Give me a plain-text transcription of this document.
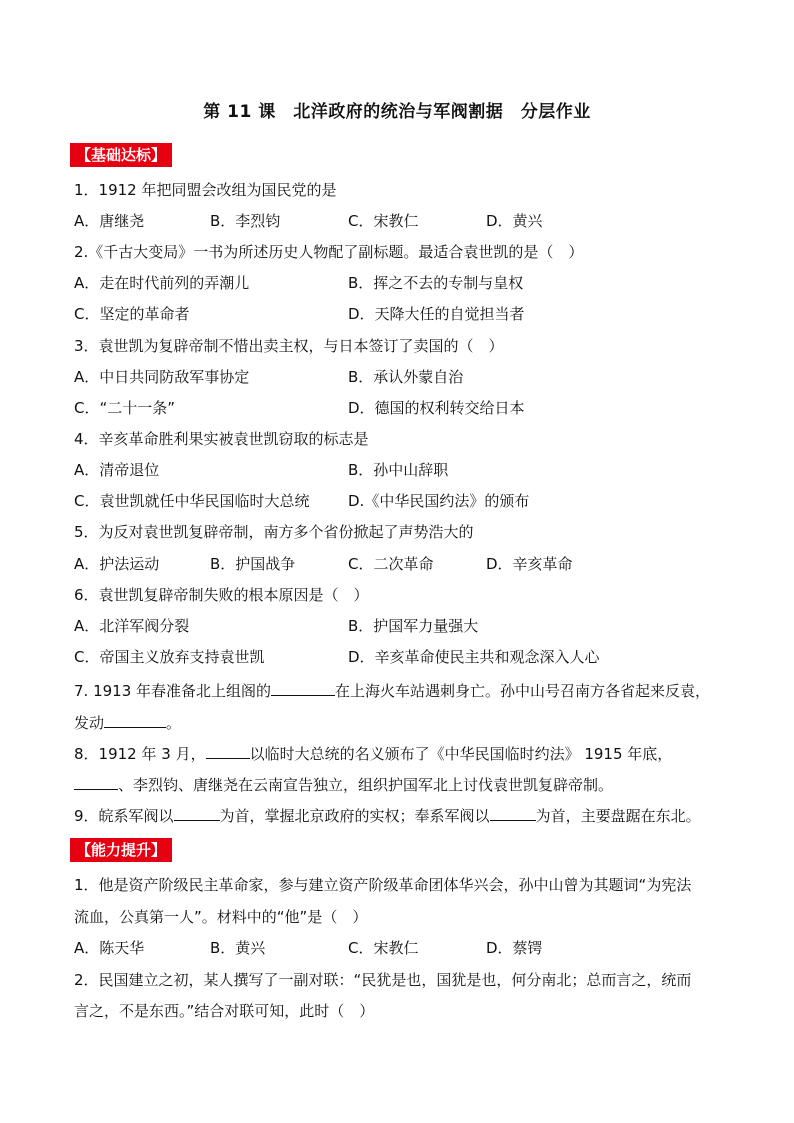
第 11 课　北洋政府的统治与军阀割据　分层作业
【基础达标】
1．1912 年把同盟会改组为国民党的是
A．唐继尧	B．李烈钧	C．宋教仁	D．黄兴
2.《千古大变局》一书为所述历史人物配了副标题。最适合袁世凯的是（　）
A．走在时代前列的弄潮儿	B．挥之不去的专制与皇权
C．坚定的革命者	D．天降大任的自觉担当者
3．袁世凯为复辟帝制不惜出卖主权，与日本签订了卖国的（　）
A．中日共同防敌军事协定	B．承认外蒙自治
C．“二十一条”	D．德国的权利转交给日本
4．辛亥革命胜利果实被袁世凯窃取的标志是
A．清帝退位	B．孙中山辞职
C．袁世凯就任中华民国临时大总统	D.《中华民国约法》的颁布
5．为反对袁世凯复辟帝制，南方多个省份掀起了声势浩大的
A．护法运动	B．护国战争	C．二次革命	D．辛亥革命
6．袁世凯复辟帝制失败的根本原因是（　）
A．北洋军阀分裂	B．护国军力量强大
C．帝国主义放弃支持袁世凯	D．辛亥革命使民主共和观念深入人心
7. 1913 年春准备北上组阁的	在上海火车站遇刺身亡。孙中山号召南方各省起来反袁，
发动	。
8．1912 年 3 月，	以临时大总统的名义颁布了《中华民国临时约法》 1915 年底，
、李烈钧、唐继尧在云南宣告独立，组织护国军北上讨伐袁世凯复辟帝制。
9．皖系军阀以	为首，掌握北京政府的实权；奉系军阀以	为首，主要盘踞在东北。
【能力提升】
1．他是资产阶级民主革命家，参与建立资产阶级革命团体华兴会，孙中山曾为其题词“为宪法
流血，公真第一人”。材料中的“他”是（　）
A．陈天华	B．黄兴	C．宋教仁	D．蔡锷
2．民国建立之初，某人撰写了一副对联：“民犹是也，国犹是也，何分南北；总而言之，统而
言之，不是东西。”结合对联可知，此时（　）
